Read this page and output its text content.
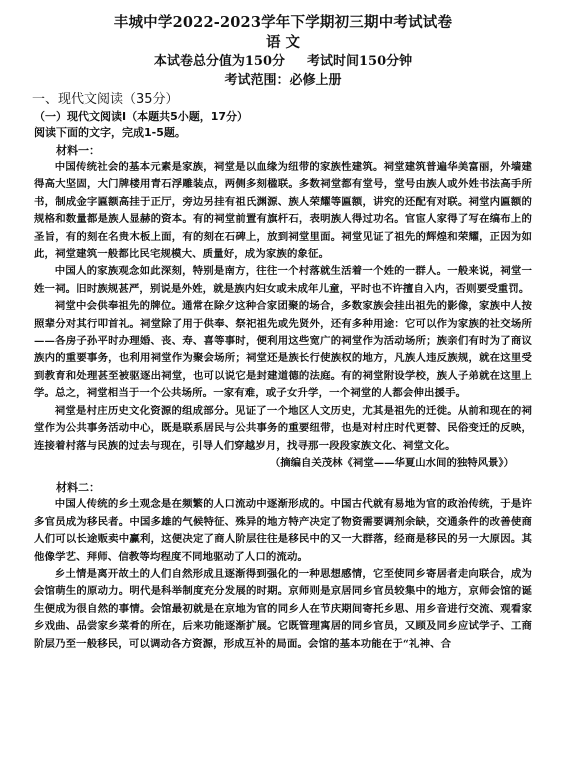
丰城中学2022-2023学年下学期初三期中考试试卷
语 文
本试卷总分值为150分 考试时间150分钟
考试范围：必修上册
一、现代文阅读（35分）
（一）现代文阅读Ⅰ（本题共5小题，17分）
阅读下面的文字，完成1-5题。
材料一：
中国传统社会的基本元素是家族，祠堂是以血缘为纽带的家族性建筑。祠堂建筑普遍华美富丽，外墙建得高大坚固，大门牌楼用青石浮雕装点，两侧多刻楹联。多数祠堂都有堂号，堂号由族人或外姓书法高手所书，制成金字匾额高挂于正厅，旁边另挂有祖氏渊源、族人荣耀等匾额，讲究的还配有对联。祠堂内匾额的规格和数量都是族人显赫的资本。有的祠堂前置有旗杆石，表明族人得过功名。官宦人家得了写在缟布上的圣旨，有的刻在名贵木板上面，有的刻在石碑上，放到祠堂里面。祠堂见证了祖先的辉煌和荣耀，正因为如此，祠堂建筑一般都比民宅规模大、质量好，成为家族的象征。
中国人的家族观念如此深刻，特别是南方，往往一个村落就生活着一个姓的一群人。一般来说，祠堂一姓一祠。旧时族规甚严，别说是外姓，就是族内妇女或未成年儿童，平时也不许擅自入内，否则要受重罚。
祠堂中会供奉祖先的牌位。通常在除夕这种合家团聚的场合，多数家族会挂出祖先的影像，家族中人按照辈分对其行叩首礼。祠堂除了用于供奉、祭祀祖先或先贤外，还有多种用途：它可以作为家族的社交场所——各房子孙平时办理婚、丧、寿、喜等事时，便利用这些宽广的祠堂作为活动场所；族亲们有时为了商议族内的重要事务，也利用祠堂作为聚会场所；祠堂还是族长行使族权的地方，凡族人违反族规，就在这里受到教育和处理甚至被驱逐出祠堂，也可以说它是封建道德的法庭。有的祠堂附设学校，族人子弟就在这里上学。总之，祠堂相当于一个公共场所。一家有难，或子女升学，一个祠堂的人都会伸出援手。
祠堂是村庄历史文化资源的组成部分。见证了一个地区人文历史，尤其是祖先的迁徙。从前和现在的祠堂作为公共事务活动中心，既是联系居民与公共事务的重要纽带，也是对村庄时代更替、民俗变迁的反映，连接着村落与民族的过去与现在，引导人们穿越岁月，找寻那一段段家族文化、祠堂文化。
（摘编自关茂林《祠堂——华夏山水间的独特风景》）
材料二：
中国人传统的乡土观念是在频繁的人口流动中逐渐形成的。中国古代就有易地为官的政治传统，于是许多官员成为移民者。中国多雄的气候特征、殊异的地方特产决定了物资需要调剂余缺，交通条件的改善使商人们可以长途贩卖中赢利，这便决定了商人阶层往往是移民中的又一大群落，经商是移民的另一大原因。其他像学艺、拜师、信教等均程度不同地驱动了人口的流动。
乡土情是离开故土的人们自然形成且逐渐得到强化的一种思想感情，它至使同乡寄居者走向联合，成为会馆萌生的原动力。明代是科举制度充分发展的时期。京师则是京居同乡官员较集中的地方，京师会馆的诞生便成为很自然的事情。会馆最初就是在京地为官的同乡人在节庆期间寄托乡思、用乡音进行交流、观看家乡戏曲、品尝家乡菜肴的所在，后来功能逐渐扩展。它既管理寓居的同乡官员，又顾及同乡应试学子、工商阶层乃至一般移民，可以调动各方资源，形成互补的局面。会馆的基本功能在于“礼神、合
